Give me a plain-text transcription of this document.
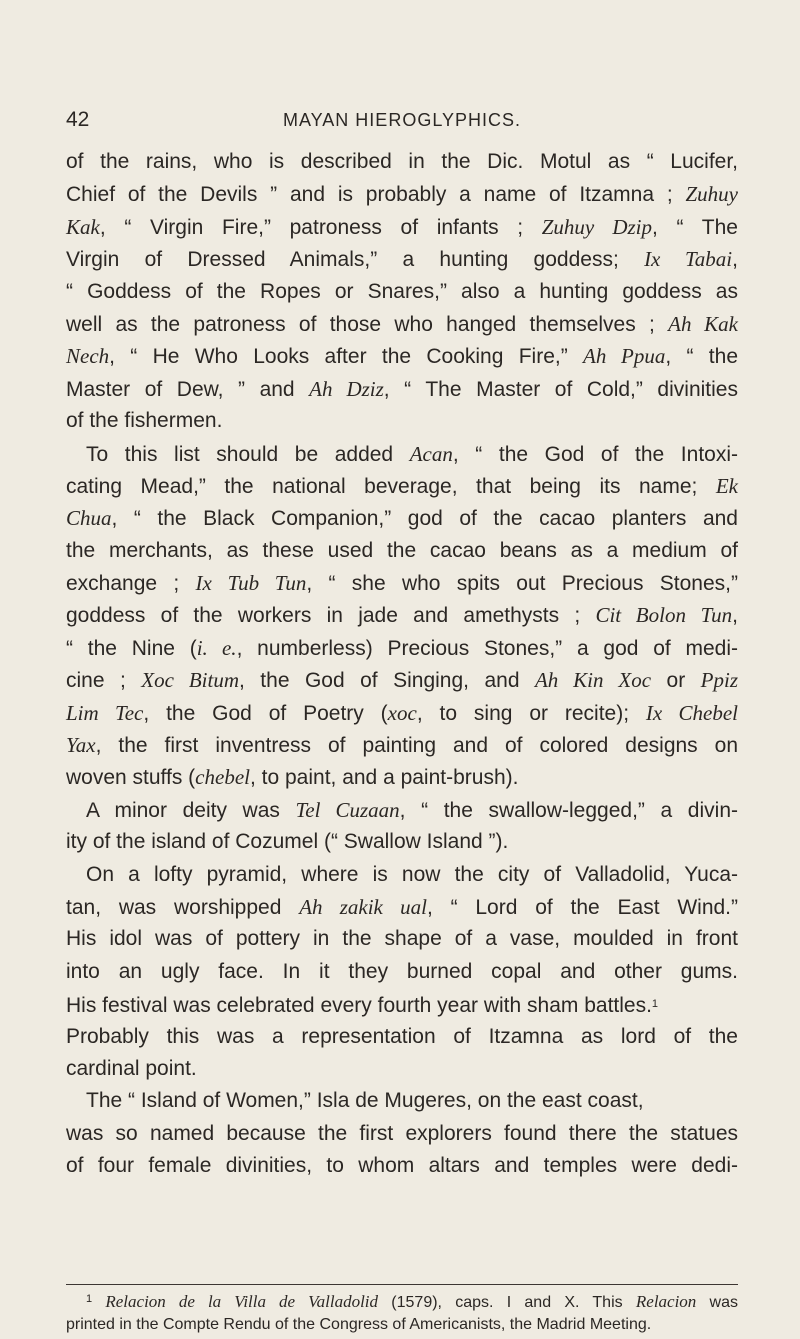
42	MAYAN HIEROGLYPHICS.
of the rains, who is described in the Dic. Motul as “ Lucifer,
Chief of the Devils ” and is probably a name of Itzamna ; Zuhuy
Kak, “ Virgin Fire,” patroness of infants ; Zuhuy Dzip, “ The
Virgin of Dressed Animals,” a hunting goddess; Ix Tabai,
“ Goddess of the Ropes or Snares,” also a hunting goddess as
well as the patroness of those who hanged themselves ; Ah Kak
Nech, “ He Who Looks after the Cooking Fire,” Ah Ppua, “ the
Master of Dew, ” and Ah Dziz, “ The Master of Cold,” divinities
of the fishermen.
To this list should be added Acan, “ the God of the Intoxi-
cating Mead,” the national beverage, that being its name; Ek
Chua, “ the Black Companion,” god of the cacao planters and
the merchants, as these used the cacao beans as a medium of
exchange ; Ix Tub Tun, “ she who spits out Precious Stones,”
goddess of the workers in jade and amethysts ; Cit Bolon Tun,
“ the Nine (i. e., numberless) Precious Stones,” a god of medi-
cine ; Xoc Bitum, the God of Singing, and Ah Kin Xoc or Ppiz
Lim Tec, the God of Poetry (xoc, to sing or recite); Ix Chebel
Yax, the first inventress of painting and of colored designs on
woven stuffs (chebel, to paint, and a paint-brush).
A minor deity was Tel Cuzaan, “ the swallow-legged,” a divin-
ity of the island of Cozumel (“ Swallow Island ”).
On a lofty pyramid, where is now the city of Valladolid, Yuca-
tan, was worshipped Ah zakik ual, “ Lord of the East Wind.”
His idol was of pottery in the shape of a vase, moulded in front
into an ugly face. In it they burned copal and other gums.
His festival was celebrated every fourth year with sham battles.$^1$
Probably this was a representation of Itzamna as lord of the
cardinal point.
The “ Island of Women,” Isla de Mugeres, on the east coast,
was so named because the first explorers found there the statues
of four female divinities, to whom altars and temples were dedi-
$^1$ Relacion de la Villa de Valladolid (1579), caps. I and X. This Relacion was
printed in the Compte Rendu of the Congress of Americanists, the Madrid Meeting.
